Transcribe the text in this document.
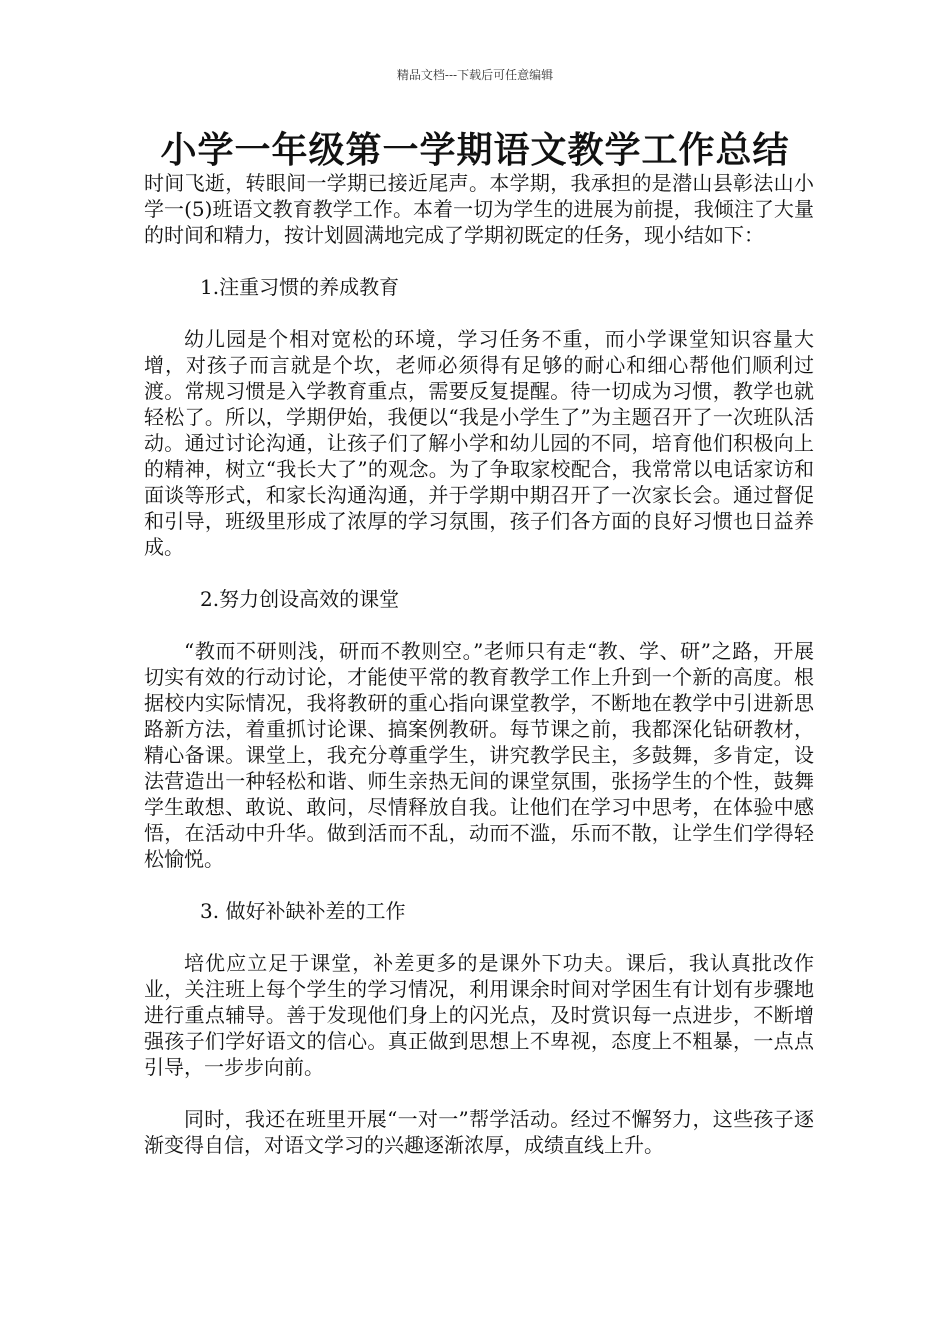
精品文档---下载后可任意编辑
小学一年级第一学期语文教学工作总结

时间飞逝，转眼间一学期已接近尾声。本学期，我承担的是潜山县彰法山小学一(5)班语文教育教学工作。本着一切为学生的进展为前提，我倾注了大量的时间和精力，按计划圆满地完成了学期初既定的任务，现小结如下：

1.注重习惯的养成教育

幼儿园是个相对宽松的环境，学习任务不重，而小学课堂知识容量大增，对孩子而言就是个坎，老师必须得有足够的耐心和细心帮他们顺利过渡。常规习惯是入学教育重点，需要反复提醒。待一切成为习惯，教学也就轻松了。所以，学期伊始，我便以“我是小学生了”为主题召开了一次班队活动。通过讨论沟通，让孩子们了解小学和幼儿园的不同，培育他们积极向上的精神，树立“我长大了”的观念。为了争取家校配合，我常常以电话家访和面谈等形式，和家长沟通沟通，并于学期中期召开了一次家长会。通过督促和引导，班级里形成了浓厚的学习氛围，孩子们各方面的良好习惯也日益养成。

2.努力创设高效的课堂

“教而不研则浅，研而不教则空。”老师只有走“教、学、研”之路，开展切实有效的行动讨论，才能使平常的教育教学工作上升到一个新的高度。根据校内实际情况，我将教研的重心指向课堂教学，不断地在教学中引进新思路新方法，着重抓讨论课、搞案例教研。每节课之前，我都深化钻研教材，精心备课。课堂上，我充分尊重学生，讲究教学民主，多鼓舞，多肯定，设法营造出一种轻松和谐、师生亲热无间的课堂氛围，张扬学生的个性，鼓舞学生敢想、敢说、敢问，尽情释放自我。让他们在学习中思考，在体验中感悟，在活动中升华。做到活而不乱，动而不滥，乐而不散，让学生们学得轻松愉悦。

3. 做好补缺补差的工作

培优应立足于课堂，补差更多的是课外下功夫。课后，我认真批改作业，关注班上每个学生的学习情况，利用课余时间对学困生有计划有步骤地进行重点辅导。善于发现他们身上的闪光点，及时赏识每一点进步，不断增强孩子们学好语文的信心。真正做到思想上不卑视，态度上不粗暴，一点点引导，一步步向前。

同时，我还在班里开展“一对一”帮学活动。经过不懈努力，这些孩子逐渐变得自信，对语文学习的兴趣逐渐浓厚，成绩直线上升。
